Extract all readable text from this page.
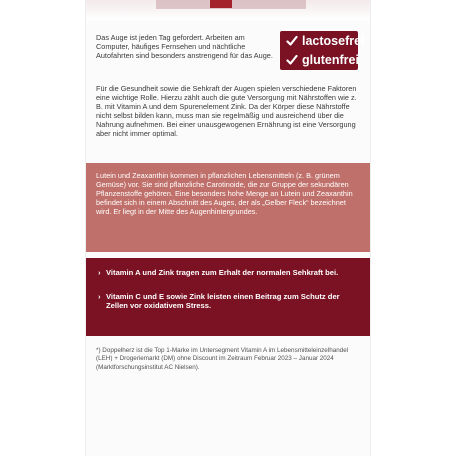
lactosefrei
glutenfrei
Das Auge ist jeden Tag gefordert. Arbeiten am Computer, häufiges Fernsehen und nächtliche Autofahrten sind besonders anstrengend für das Auge.
Für die Gesundheit sowie die Sehkraft der Augen spielen verschiedene Faktoren eine wichtige Rolle. Hierzu zählt auch die gute Versorgung mit Nährstoffen wie z. B. mit Vitamin A und dem Spurenelement Zink. Da der Körper diese Nährstoffe nicht selbst bilden kann, muss man sie regelmäßig und ausreichend über die Nahrung aufnehmen. Bei einer unausgewogenen Ernährung ist eine Versorgung aber nicht immer optimal.
Lutein und Zeaxanthin kommen in pflanzlichen Lebensmitteln (z. B. grünem Gemüse) vor. Sie sind pflanzliche Carotinoide, die zur Gruppe der sekundären Pflanzenstoffe gehören. Eine besonders hohe Menge an Lutein und Zeaxanthin befindet sich in einem Abschnitt des Auges, der als „Gelber Fleck“ bezeichnet wird. Er liegt in der Mitte des Augenhintergrundes.
› Vitamin A und Zink tragen zum Erhalt der normalen Sehkraft bei.
› Vitamin C und E sowie Zink leisten einen Beitrag zum Schutz der Zellen vor oxidativem Stress.
*) Doppelherz ist die Top 1-Marke im Untersegment Vitamin A im Lebensmitteleinzelhandel (LEH) + Drogeriemarkt (DM) ohne Discount im Zeitraum Februar 2023 – Januar 2024 (Marktforschungsinstitut AC Nielsen).
